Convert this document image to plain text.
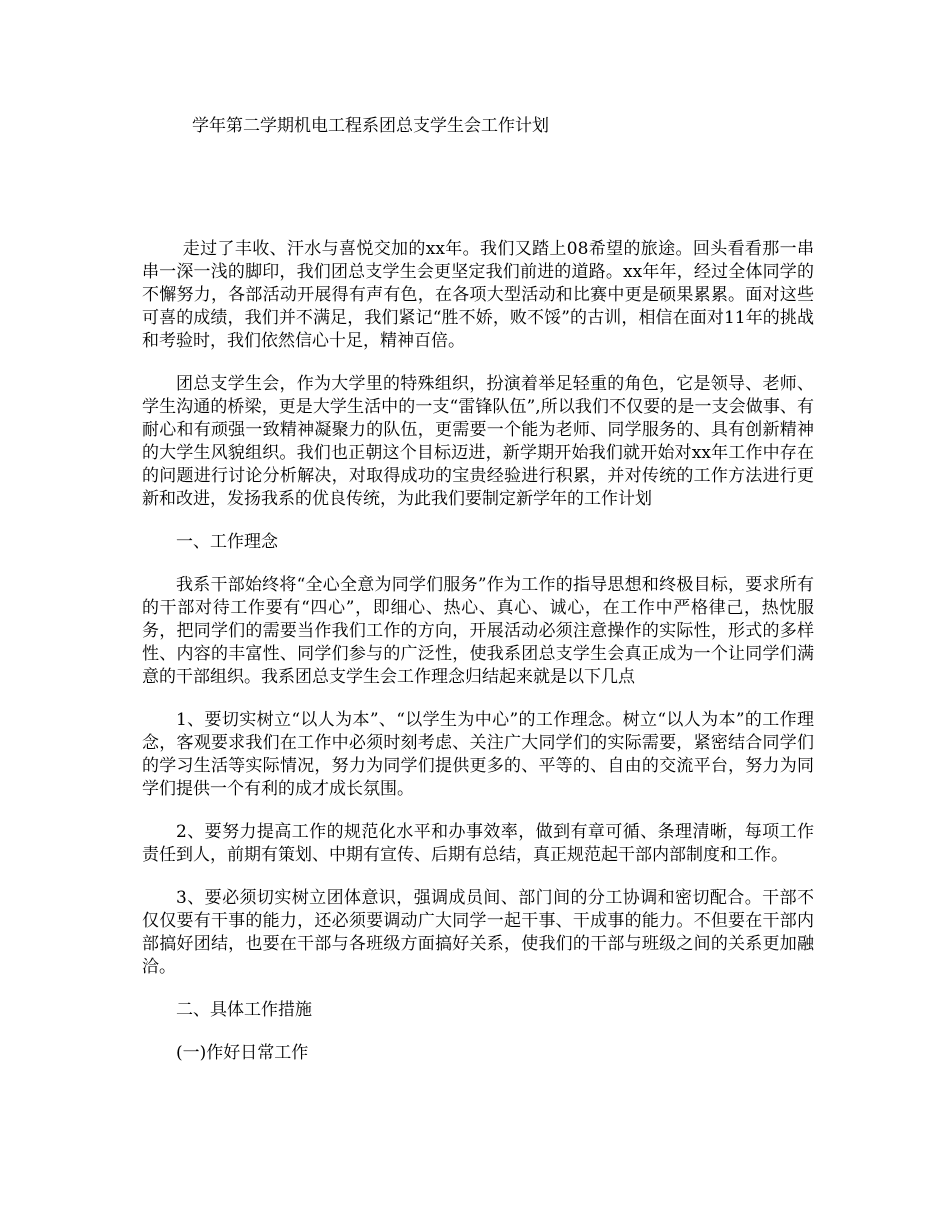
学年第二学期机电工程系团总支学生会工作计划

走过了丰收、汗水与喜悦交加的xx年。我们又踏上08希望的旅途。回头看看那一串串一深一浅的脚印，我们团总支学生会更坚定我们前进的道路。xx年年，经过全体同学的不懈努力，各部活动开展得有声有色，在各项大型活动和比赛中更是硕果累累。面对这些可喜的成绩，我们并不满足，我们紧记“胜不娇，败不馁”的古训，相信在面对11年的挑战和考验时，我们依然信心十足，精神百倍。

团总支学生会，作为大学里的特殊组织，扮演着举足轻重的角色，它是领导、老师、学生沟通的桥梁，更是大学生活中的一支“雷锋队伍”,所以我们不仅要的是一支会做事、有耐心和有顽强一致精神凝聚力的队伍，更需要一个能为老师、同学服务的、具有创新精神的大学生风貌组织。我们也正朝这个目标迈进，新学期开始我们就开始对xx年工作中存在的问题进行讨论分析解决，对取得成功的宝贵经验进行积累，并对传统的工作方法进行更新和改进，发扬我系的优良传统，为此我们要制定新学年的工作计划

一、工作理念

我系干部始终将“全心全意为同学们服务”作为工作的指导思想和终极目标，要求所有的干部对待工作要有“四心”，即细心、热心、真心、诚心，在工作中严格律己，热忱服务，把同学们的需要当作我们工作的方向，开展活动必须注意操作的实际性，形式的多样性、内容的丰富性、同学们参与的广泛性，使我系团总支学生会真正成为一个让同学们满意的干部组织。我系团总支学生会工作理念归结起来就是以下几点

1、要切实树立“以人为本”、“以学生为中心”的工作理念。树立“以人为本”的工作理念，客观要求我们在工作中必须时刻考虑、关注广大同学们的实际需要，紧密结合同学们的学习生活等实际情况，努力为同学们提供更多的、平等的、自由的交流平台，努力为同学们提供一个有利的成才成长氛围。

2、要努力提高工作的规范化水平和办事效率，做到有章可循、条理清晰，每项工作责任到人，前期有策划、中期有宣传、后期有总结，真正规范起干部内部制度和工作。

3、要必须切实树立团体意识，强调成员间、部门间的分工协调和密切配合。干部不仅仅要有干事的能力，还必须要调动广大同学一起干事、干成事的能力。不但要在干部内部搞好团结，也要在干部与各班级方面搞好关系，使我们的干部与班级之间的关系更加融洽。

二、具体工作措施

(一)作好日常工作
